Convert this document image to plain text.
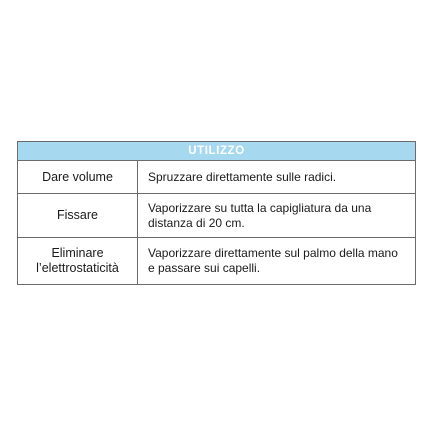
UTILIZZO
Dare volume	Spruzzare direttamente sulle radici.
Fissare
Vaporizzare su tutta la capigliatura da una distanza di 20 cm.
Eliminare l’elettrostaticità
Vaporizzare direttamente sul palmo della mano e passare sui capelli.
